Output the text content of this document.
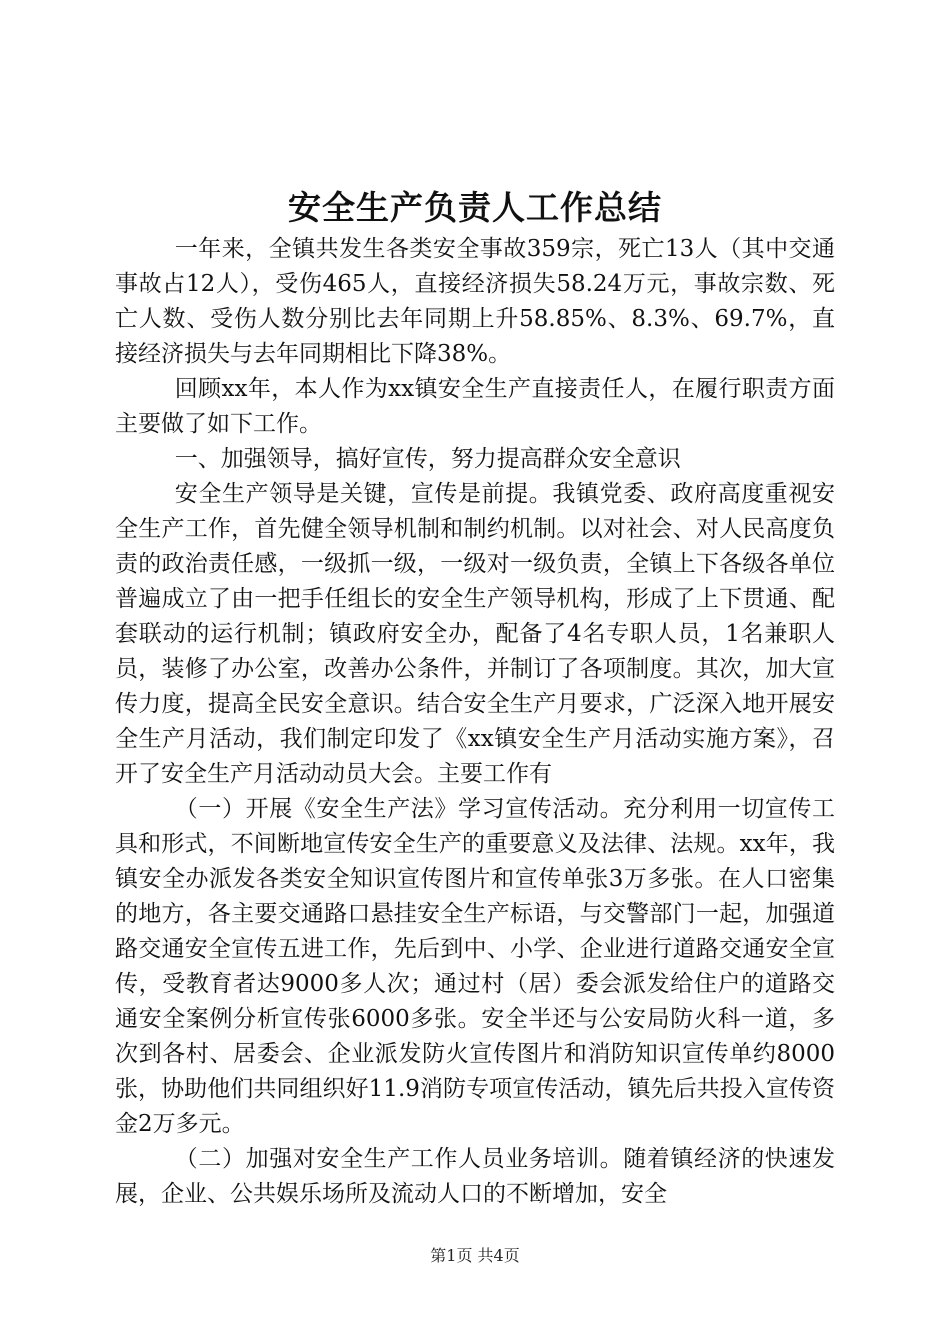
安全生产负责人工作总结

一年来，全镇共发生各类安全事故359宗，死亡13人（其中交通事故占12人），受伤465人，直接经济损失58.24万元，事故宗数、死亡人数、受伤人数分别比去年同期上升58.85%、8.3%、69.7%，直接经济损失与去年同期相比下降38%。

回顾xx年，本人作为xx镇安全生产直接责任人，在履行职责方面主要做了如下工作。

一、加强领导，搞好宣传，努力提高群众安全意识

安全生产领导是关键，宣传是前提。我镇党委、政府高度重视安全生产工作，首先健全领导机制和制约机制。以对社会、对人民高度负责的政治责任感，一级抓一级，一级对一级负责，全镇上下各级各单位普遍成立了由一把手任组长的安全生产领导机构，形成了上下贯通、配套联动的运行机制；镇政府安全办，配备了4名专职人员，1名兼职人员，装修了办公室，改善办公条件，并制订了各项制度。其次，加大宣传力度，提高全民安全意识。结合安全生产月要求，广泛深入地开展安全生产月活动，我们制定印发了《xx镇安全生产月活动实施方案》，召开了安全生产月活动动员大会。主要工作有

（一）开展《安全生产法》学习宣传活动。充分利用一切宣传工具和形式，不间断地宣传安全生产的重要意义及法律、法规。xx年，我镇安全办派发各类安全知识宣传图片和宣传单张3万多张。在人口密集的地方，各主要交通路口悬挂安全生产标语，与交警部门一起，加强道路交通安全宣传五进工作，先后到中、小学、企业进行道路交通安全宣传，受教育者达9000多人次；通过村（居）委会派发给住户的道路交通安全案例分析宣传张6000多张。安全半还与公安局防火科一道，多次到各村、居委会、企业派发防火宣传图片和消防知识宣传单约8000张，协助他们共同组织好11.9消防专项宣传活动，镇先后共投入宣传资金2万多元。

（二）加强对安全生产工作人员业务培训。随着镇经济的快速发展，企业、公共娱乐场所及流动人口的不断增加，安全

第1页 共4页
